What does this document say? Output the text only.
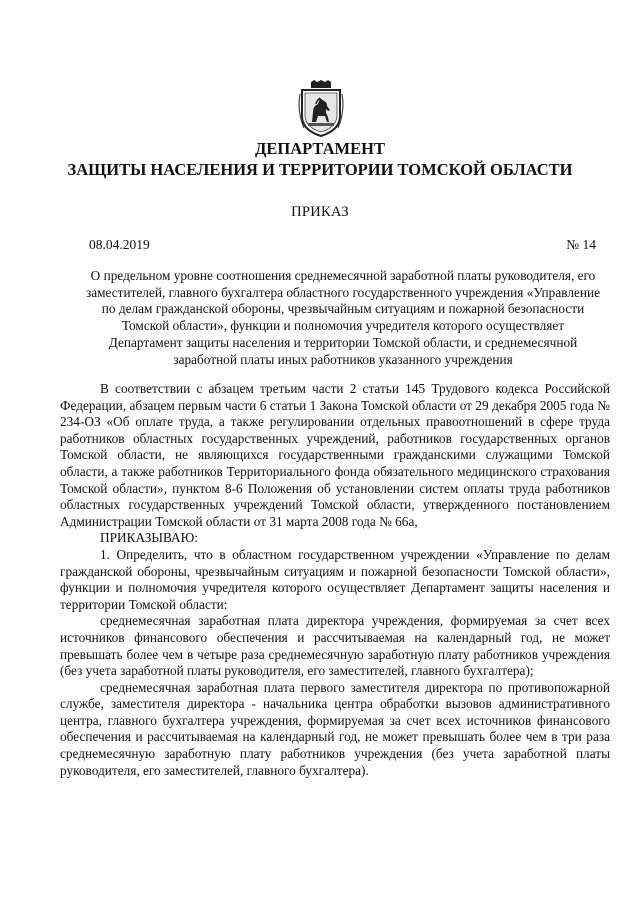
ДЕПАРТАМЕНТ
ЗАЩИТЫ НАСЕЛЕНИЯ И ТЕРРИТОРИИ ТОМСКОЙ ОБЛАСТИ
ПРИКАЗ
08.04.2019	№ 14
О предельном уровне соотношения среднемесячной заработной платы руководителя, его
заместителей, главного бухгалтера областного государственного учреждения «Управление
по делам гражданской обороны, чрезвычайным ситуациям и пожарной безопасности
Томской области», функции и полномочия учредителя которого осуществляет
Департамент защиты населения и территории Томской области, и среднемесячной
заработной платы иных работников указанного учреждения

В соответствии с абзацем третьим части 2 статьи 145 Трудового кодекса Российской Федерации, абзацем первым части 6 статьи 1 Закона Томской области от 29 декабря 2005 года № 234-ОЗ «Об оплате труда, а также регулировании отдельных правоотношений в сфере труда работников областных государственных учреждений, работников государственных органов Томской области, не являющихся государственными гражданскими служащими Томской области, а также работников Территориального фонда обязательного медицинского страхования Томской области», пунктом 8-6 Положения об установлении систем оплаты труда работников областных государственных учреждений Томской области, утвержденного постановлением Администрации Томской области от 31 марта 2008 года № 66а,

ПРИКАЗЫВАЮ:

1. Определить, что в областном государственном учреждении «Управление по делам гражданской обороны, чрезвычайным ситуациям и пожарной безопасности Томской области», функции и полномочия учредителя которого осуществляет Департамент защиты населения и территории Томской области:

среднемесячная заработная плата директора учреждения, формируемая за счет всех источников финансового обеспечения и рассчитываемая на календарный год, не может превышать более чем в четыре раза среднемесячную заработную плату работников учреждения (без учета заработной платы руководителя, его заместителей, главного бухгалтера);

среднемесячная заработная плата первого заместителя директора по противопожарной службе, заместителя директора - начальника центра обработки вызовов административного центра, главного бухгалтера учреждения, формируемая за счет всех источников финансового обеспечения и рассчитываемая на календарный год, не может превышать более чем в три раза среднемесячную заработную плату работников учреждения (без учета заработной платы руководителя, его заместителей, главного бухгалтера).
